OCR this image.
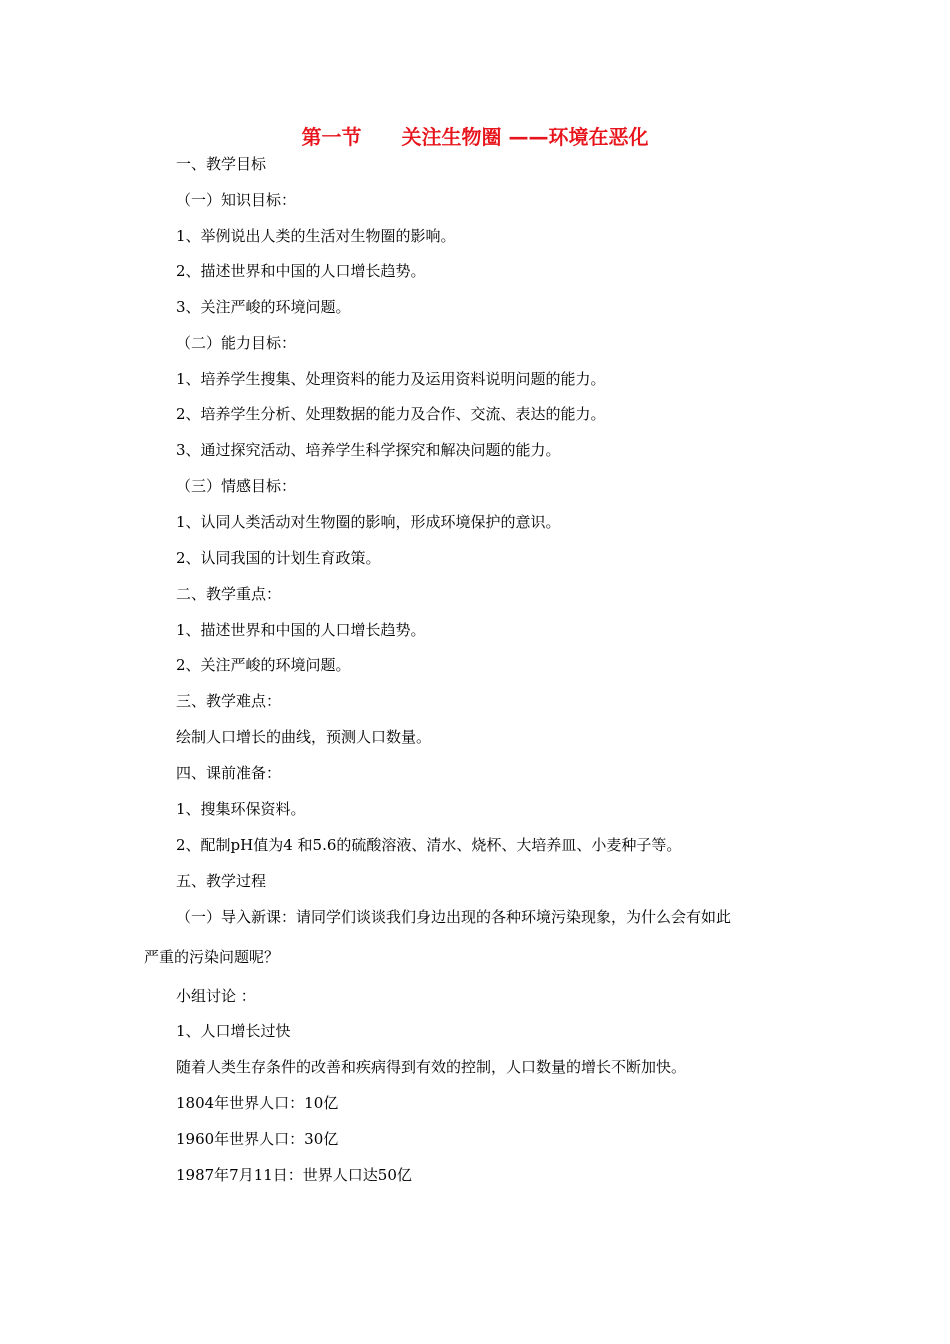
第一节　　关注生物圈 ——环境在恶化
一、教学目标
（一）知识目标：
1、举例说出人类的生活对生物圈的影响。
2、描述世界和中国的人口增长趋势。
3、关注严峻的环境问题。
（二）能力目标：
1、培养学生搜集、处理资料的能力及运用资料说明问题的能力。
2、培养学生分析、处理数据的能力及合作、交流、表达的能力。
3、通过探究活动、培养学生科学探究和解决问题的能力。
（三）情感目标：
1、认同人类活动对生物圈的影响，形成环境保护的意识。
2、认同我国的计划生育政策。
二、教学重点：
1、描述世界和中国的人口增长趋势。
2、关注严峻的环境问题。
三、教学难点：
绘制人口增长的曲线，预测人口数量。
四、课前准备：
1、搜集环保资料。
2、配制pH值为4 和5.6的硫酸溶液、清水、烧杯、大培养皿、小麦种子等。
五、教学过程
（一）导入新课：请同学们谈谈我们身边出现的各种环境污染现象，为什么会有如此
严重的污染问题呢？
小组讨论 ：
1、人口增长过快
随着人类生存条件的改善和疾病得到有效的控制，人口数量的增长不断加快。
1804年世界人口：10亿
1960年世界人口：30亿
1987年7月11日：世界人口达50亿
